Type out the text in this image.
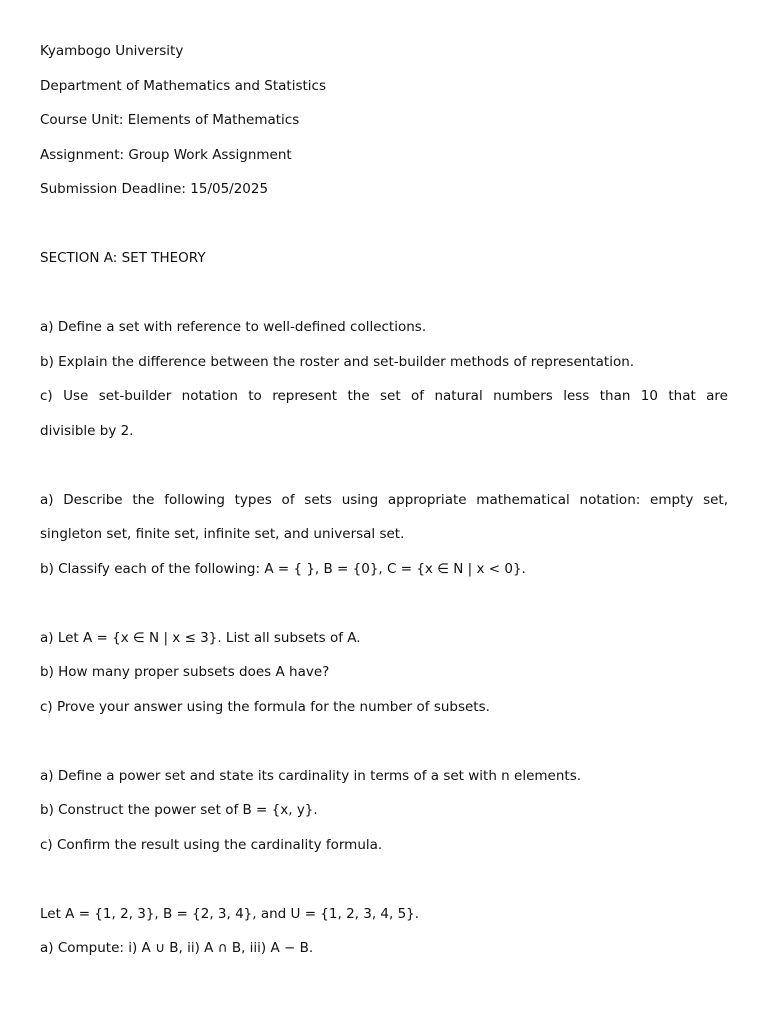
Kyambogo University
Department of Mathematics and Statistics
Course Unit: Elements of Mathematics
Assignment: Group Work Assignment
Submission Deadline: 15/05/2025
SECTION A: SET THEORY
a) Define a set with reference to well-defined collections.
b) Explain the difference between the roster and set-builder methods of representation.
c) Use set-builder notation to represent the set of natural numbers less than 10 that are
divisible by 2.
a) Describe the following types of sets using appropriate mathematical notation: empty set,
singleton set, finite set, infinite set, and universal set.
b) Classify each of the following: A = { }, B = {0}, C = {x ∈ N | x < 0}.
a) Let A = {x ∈ N | x ≤ 3}. List all subsets of A.
b) How many proper subsets does A have?
c) Prove your answer using the formula for the number of subsets.
a) Define a power set and state its cardinality in terms of a set with n elements.
b) Construct the power set of B = {x, y}.
c) Confirm the result using the cardinality formula.
Let A = {1, 2, 3}, B = {2, 3, 4}, and U = {1, 2, 3, 4, 5}.
a) Compute: i) A ∪ B, ii) A ∩ B, iii) A − B.
